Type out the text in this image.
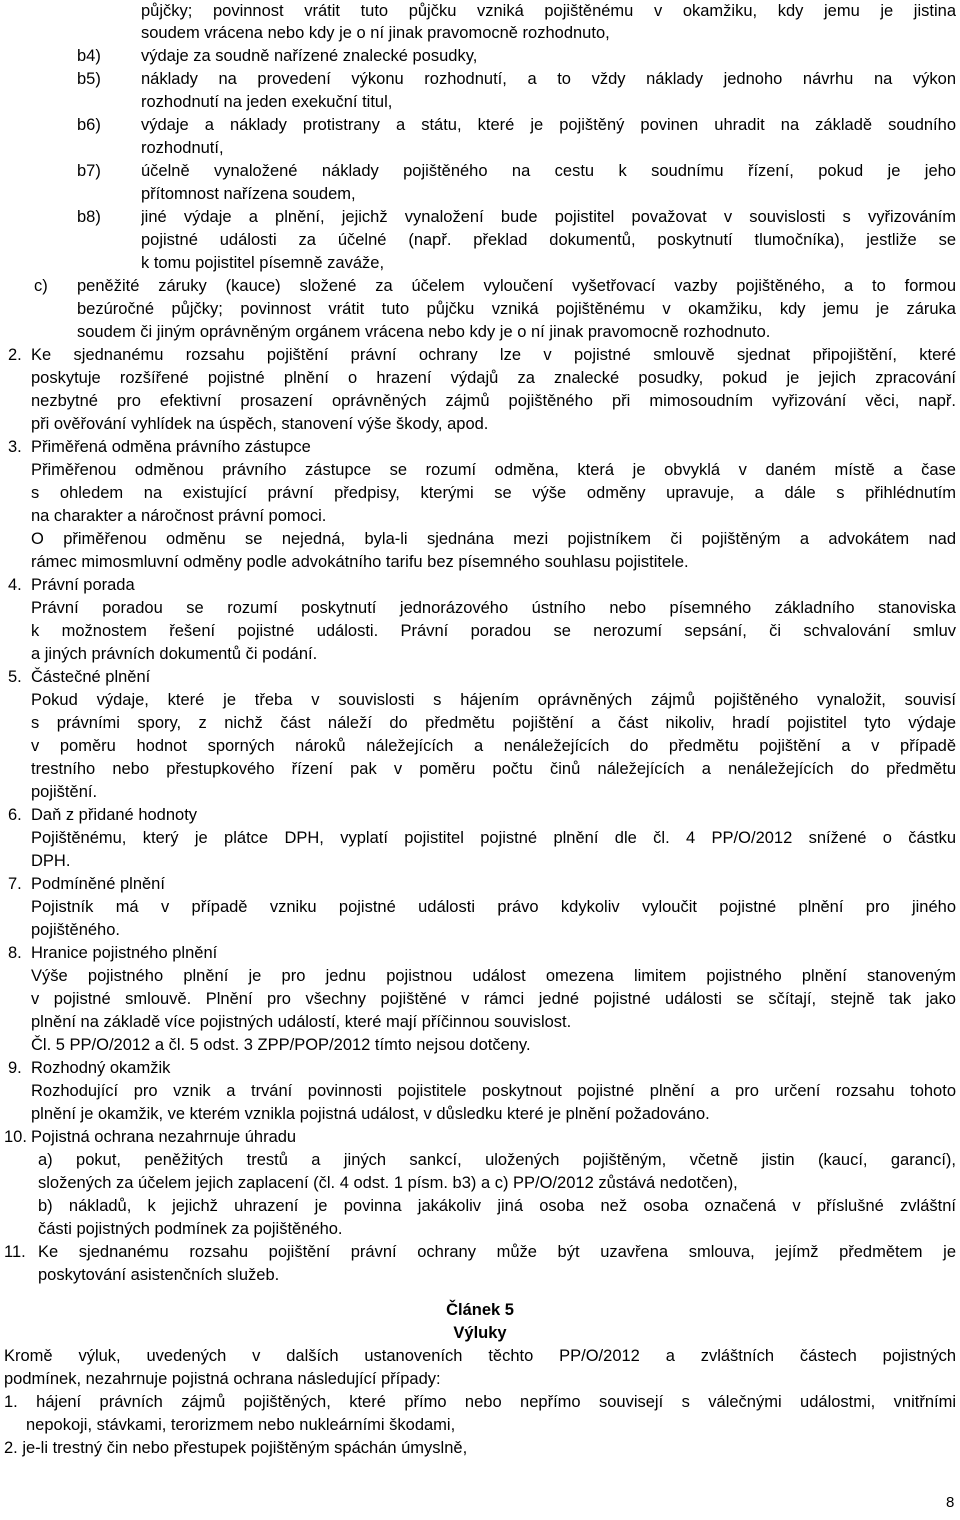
půjčky; povinnost vrátit tuto půjčku vzniká pojištěnému v okamžiku, kdy jemu je jistina
soudem vrácena nebo kdy je o ní jinak pravomocně rozhodnuto,
b4) výdaje za soudně nařízené znalecké posudky,
b5) náklady na provedení výkonu rozhodnutí, a to vždy náklady jednoho návrhu na výkon
rozhodnutí na jeden exekuční titul,
b6) výdaje a náklady protistrany a státu, které je pojištěný povinen uhradit na základě soudního
rozhodnutí,
b7) účelně vynaložené náklady pojištěného na cestu k soudnímu řízení, pokud je jeho
přítomnost nařízena soudem,
b8) jiné výdaje a plnění, jejichž vynaložení bude pojistitel považovat v souvislosti s vyřizováním
pojistné události za účelné (např. překlad dokumentů, poskytnutí tlumočníka), jestliže se
k tomu pojistitel písemně zaváže,
c) peněžité záruky (kauce) složené za účelem vyloučení vyšetřovací vazby pojištěného, a to formou
bezúročné půjčky; povinnost vrátit tuto půjčku vzniká pojištěnému v okamžiku, kdy jemu je záruka
soudem či jiným oprávněným orgánem vrácena nebo kdy je o ní jinak pravomocně rozhodnuto.
2. Ke sjednanému rozsahu pojištění právní ochrany lze v pojistné smlouvě sjednat připojištění, které
poskytuje rozšířené pojistné plnění o hrazení výdajů za znalecké posudky, pokud je jejich zpracování
nezbytné pro efektivní prosazení oprávněných zájmů pojištěného při mimosoudním vyřizování věci, např.
při ověřování vyhlídek na úspěch, stanovení výše škody, apod.
3. Přiměřená odměna právního zástupce
Přiměřenou odměnou právního zástupce se rozumí odměna, která je obvyklá v daném místě a čase
s ohledem na existující právní předpisy, kterými se výše odměny upravuje, a dále s přihlédnutím
na charakter a náročnost právní pomoci.
O přiměřenou odměnu se nejedná, byla-li sjednána mezi pojistníkem či pojištěným a advokátem nad
rámec mimosmluvní odměny podle advokátního tarifu bez písemného souhlasu pojistitele.
4. Právní porada
Právní poradou se rozumí poskytnutí jednorázového ústního nebo písemného základního stanoviska
k možnostem řešení pojistné události. Právní poradou se nerozumí sepsání, či schvalování smluv
a jiných právních dokumentů či podání.
5. Částečné plnění
Pokud výdaje, které je třeba v souvislosti s hájením oprávněných zájmů pojištěného vynaložit, souvisí
s právními spory, z nichž část náleží do předmětu pojištění a část nikoliv, hradí pojistitel tyto výdaje
v poměru hodnot sporných nároků náležejících a nenáležejících do předmětu pojištění a v případě
trestního nebo přestupkového řízení pak v poměru počtu činů náležejících a nenáležejících do předmětu
pojištění.
6. Daň z přidané hodnoty
Pojištěnému, který je plátce DPH, vyplatí pojistitel pojistné plnění dle čl. 4 PP/O/2012 snížené o částku
DPH.
7. Podmíněné plnění
Pojistník má v případě vzniku pojistné události právo kdykoliv vyloučit pojistné plnění pro jiného
pojištěného.
8. Hranice pojistného plnění
Výše pojistného plnění je pro jednu pojistnou událost omezena limitem pojistného plnění stanoveným
v pojistné smlouvě. Plnění pro všechny pojištěné v rámci jedné pojistné události se sčítají, stejně tak jako
plnění na základě více pojistných událostí, které mají příčinnou souvislost.
Čl. 5 PP/O/2012 a čl. 5 odst. 3 ZPP/POP/2012 tímto nejsou dotčeny.
9. Rozhodný okamžik
Rozhodující pro vznik a trvání povinnosti pojistitele poskytnout pojistné plnění a pro určení rozsahu tohoto
plnění je okamžik, ve kterém vznikla pojistná událost, v důsledku které je plnění požadováno.
10. Pojistná ochrana nezahrnuje úhradu
a) pokut, peněžitých trestů a jiných sankcí, uložených pojištěným, včetně jistin (kaucí, garancí),
složených za účelem jejich zaplacení (čl. 4 odst. 1 písm. b3) a c) PP/O/2012 zůstává nedotčen),
b) nákladů, k jejichž uhrazení je povinna jakákoliv jiná osoba než osoba označená v příslušné zvláštní
části pojistných podmínek za pojištěného.
11. Ke sjednanému rozsahu pojištění právní ochrany může být uzavřena smlouva, jejímž předmětem je
poskytování asistenčních služeb.
Článek 5
Výluky
Kromě výluk, uvedených v dalších ustanoveních těchto PP/O/2012 a zvláštních částech pojistných
podmínek, nezahrnuje pojistná ochrana následující případy:
1. hájení právních zájmů pojištěných, které přímo nebo nepřímo souvisejí s válečnými událostmi, vnitřními
nepokoji, stávkami, terorizmem nebo nukleárními škodami,
2. je-li trestný čin nebo přestupek pojištěným spáchán úmyslně,
8
